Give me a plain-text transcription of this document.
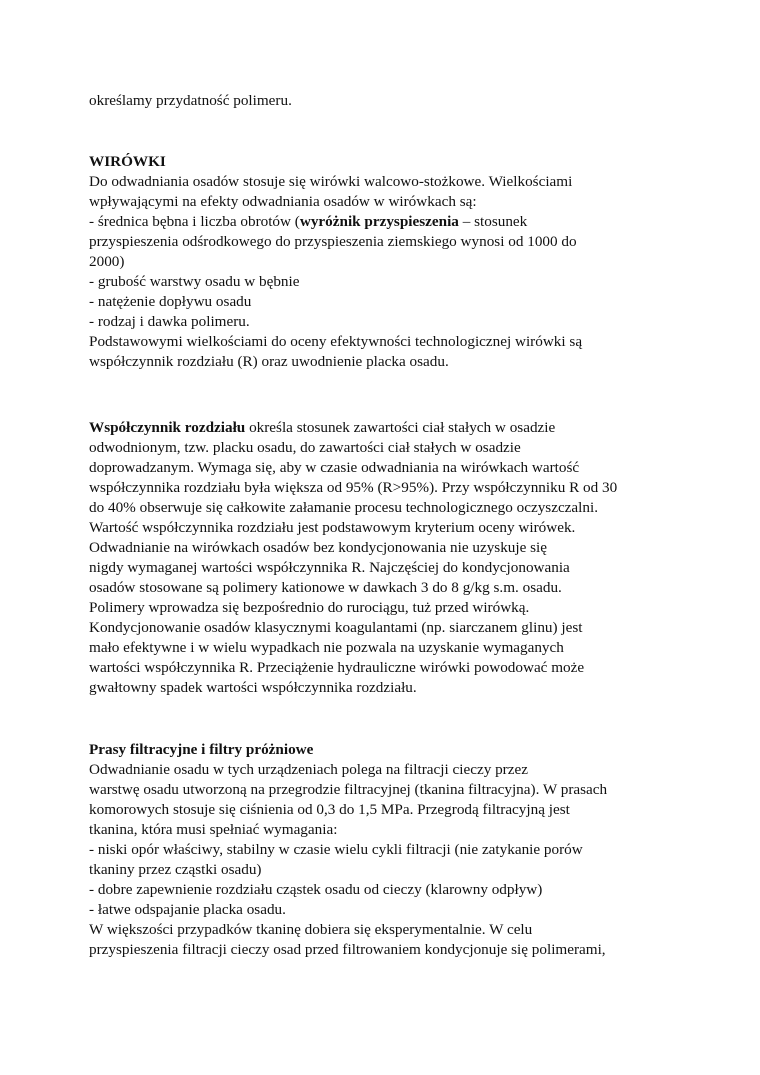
określamy przydatność polimeru.
WIRÓWKI
Do odwadniania osadów stosuje się wirówki walcowo-stożkowe. Wielkościami
wpływającymi na efekty odwadniania osadów w wirówkach są:
- średnica bębna i liczba obrotów (wyróżnik przyspieszenia – stosunek
przyspieszenia odśrodkowego do przyspieszenia ziemskiego wynosi od 1000 do
2000)
- grubość warstwy osadu w bębnie
- natężenie dopływu osadu
- rodzaj i dawka polimeru.
Podstawowymi wielkościami do oceny efektywności technologicznej wirówki są
współczynnik rozdziału (R) oraz uwodnienie placka osadu.
Współczynnik rozdziału określa stosunek zawartości ciał stałych w osadzie
odwodnionym, tzw. placku osadu, do zawartości ciał stałych w osadzie
doprowadzanym. Wymaga się, aby w czasie odwadniania na wirówkach wartość
współczynnika rozdziału była większa od 95% (R>95%). Przy współczynniku R od 30
do 40% obserwuje się całkowite załamanie procesu technologicznego oczyszczalni.
Wartość współczynnika rozdziału jest podstawowym kryterium oceny wirówek.
Odwadnianie na wirówkach osadów bez kondycjonowania nie uzyskuje się
nigdy wymaganej wartości współczynnika R. Najczęściej do kondycjonowania
osadów stosowane są polimery kationowe w dawkach 3 do 8 g/kg s.m. osadu.
Polimery wprowadza się bezpośrednio do rurociągu, tuż przed wirówką.
Kondycjonowanie osadów klasycznymi koagulantami (np. siarczanem glinu) jest
mało efektywne i w wielu wypadkach nie pozwala na uzyskanie wymaganych
wartości współczynnika R. Przeciążenie hydrauliczne wirówki powodować może
gwałtowny spadek wartości współczynnika rozdziału.
Prasy filtracyjne i filtry próżniowe
Odwadnianie osadu w tych urządzeniach polega na filtracji cieczy przez
warstwę osadu utworzoną na przegrodzie filtracyjnej (tkanina filtracyjna). W prasach
komorowych stosuje się ciśnienia od 0,3 do 1,5 MPa. Przegrodą filtracyjną jest
tkanina, która musi spełniać wymagania:
- niski opór właściwy, stabilny w czasie wielu cykli filtracji (nie zatykanie porów
tkaniny przez cząstki osadu)
- dobre zapewnienie rozdziału cząstek osadu od cieczy (klarowny odpływ)
- łatwe odspajanie placka osadu.
W większości przypadków tkaninę dobiera się eksperymentalnie. W celu
przyspieszenia filtracji cieczy osad przed filtrowaniem kondycjonuje się polimerami,
